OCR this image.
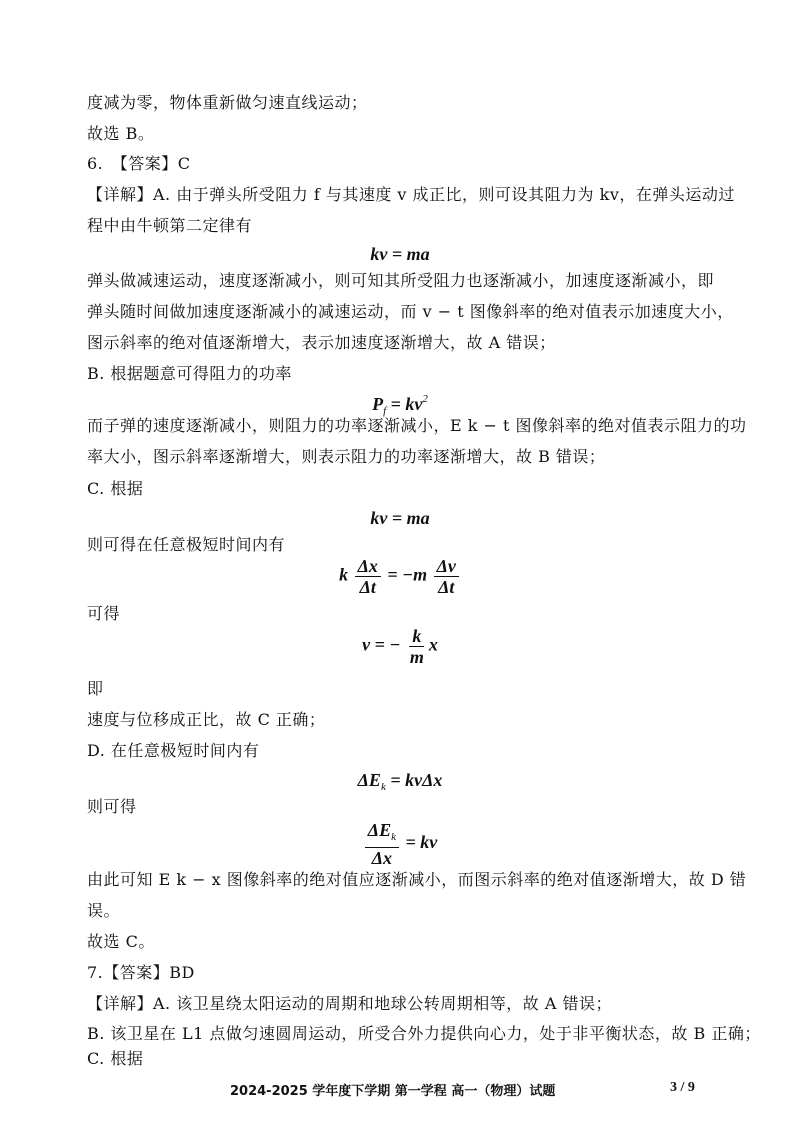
度减为零，物体重新做匀速直线运动；
故选 B。
6.　【答案】C
【详解】A. 由于弹头所受阻力 f 与其速度 v 成正比，则可设其阻力为 kv，在弹头运动过
程中由牛顿第二定律有
kv = ma
弹头做减速运动，速度逐渐减小，则可知其所受阻力也逐渐减小，加速度逐渐减小，即
弹头随时间做加速度逐渐减小的减速运动，而 v − t 图像斜率的绝对值表示加速度大小，
图示斜率的绝对值逐渐增大，表示加速度逐渐增大，故 A 错误；
B. 根据题意可得阻力的功率
$P_f = kv^2$
而子弹的速度逐渐减小，则阻力的功率逐渐减小，E k − t 图像斜率的绝对值表示阻力的功
率大小，图示斜率逐渐增大，则表示阻力的功率逐渐增大，故 B 错误；
C. 根据
kv = ma
则可得在任意极短时间内有
k $\frac{\Delta x}{\Delta t} = -m \frac{\Delta v}{\Delta t}$
可得
v = − $\frac{k}{m}$ x
即
速度与位移成正比，故 C 正确；
D. 在任意极短时间内有
$\Delta E_k = kv\Delta x$
则可得
$\frac{\Delta E_k}{\Delta x}$ = kv
由此可知 E k − x 图像斜率的绝对值应逐渐减小，而图示斜率的绝对值逐渐增大，故 D 错
误。
故选 C。
7.【答案】BD
【详解】A. 该卫星绕太阳运动的周期和地球公转周期相等，故 A 错误；
B. 该卫星在 L1 点做匀速圆周运动，所受合外力提供向心力，处于非平衡状态，故 B 正确；
C. 根据
2024-2025 学年度下学期 第一学程 高一（物理）试题	3 / 9
